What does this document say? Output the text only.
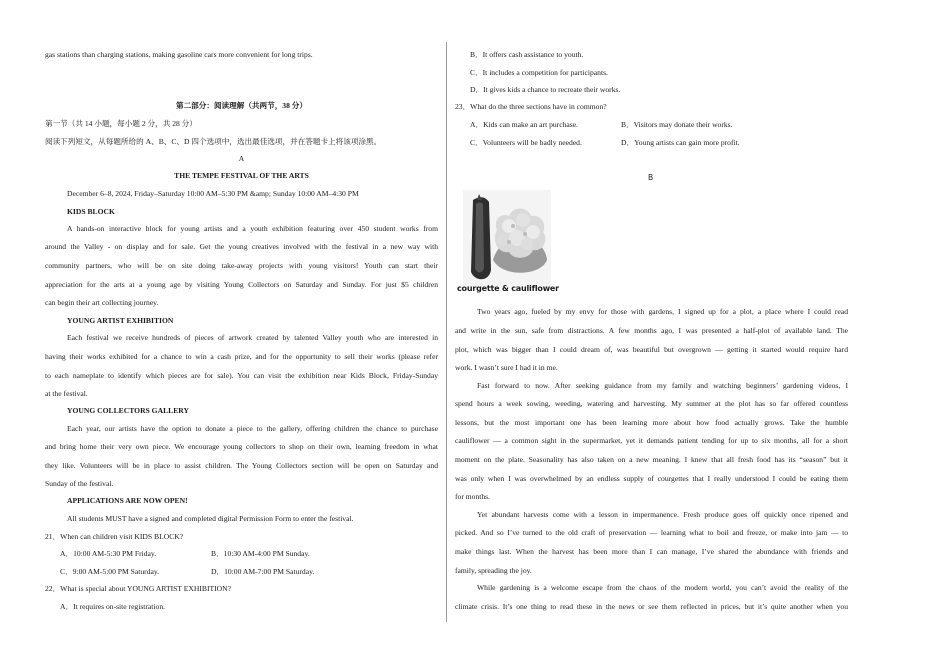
gas stations than charging stations, making gasoline cars more convenient for long trips.
第二部分：阅读理解（共两节，38 分）
第一节（共 14 小题，每小题 2 分，共 28 分）
阅读下列短文，从每题所给的 A、B、C、D 四个选项中，选出最佳选项，并在答题卡上将该项涂黑。
A
THE TEMPE FESTIVAL OF THE ARTS
December 6–8, 2024, Friday–Saturday 10:00 AM–5:30 PM &amp; Sunday 10:00 AM–4:30 PM
KIDS BLOCK
A hands-on interactive block for young artists and a youth exhibition featuring over 450 student works from
around the Valley - on display and for sale. Get the young creatives involved with the festival in a new way with
community partners, who will be on site doing take-away projects with young visitors! Youth can start their
appreciation for the arts at a young age by visiting Young Collectors on Saturday and Sunday. For just $5 children
can begin their art collecting journey.
YOUNG ARTIST EXHIBITION
Each festival we receive hundreds of pieces of artwork created by talented Valley youth who are interested in
having their works exhibited for a chance to win a cash prize, and for the opportunity to sell their works (please refer
to each nameplate to identify which pieces are for sale). You can visit the exhibition near Kids Block, Friday-Sunday
at the festival.
YOUNG COLLECTORS GALLERY
Each year, our artists have the option to donate a piece to the gallery, offering children the chance to purchase
and bring home their very own piece. We encourage young collectors to shop on their own, learning freedom in what
they like. Volunteers will be in place to assist children. The Young Collectors section will be open on Saturday and
Sunday of the festival.
APPLICATIONS ARE NOW OPEN!
All students MUST have a signed and completed digital Permission Form to enter the festival.
21．When can children visit KIDS BLOCK?
A．10:00 AM-5:30 PM Friday.	B．10:30 AM-4:00 PM Sunday.
C．9:00 AM-5:00 PM Saturday.	D．10:00 AM-7:00 PM Saturday.
22．What is special about YOUNG ARTIST EXHIBITION?
A．It requires on-site registration.
B．It offers cash assistance to youth.
C．It includes a competition for participants.
D．It gives kids a chance to recreate their works.
23．What do the three sections have in common?
A．Kids can make an art purchase.	B．Visitors may donate their works.
C．Volunteers will be badly needed.	D．Young artists can gain more profit.
B
Two years ago, fueled by my envy for those with gardens, I signed up for a plot, a place where I could read
and write in the sun, safe from distractions. A few months ago, I was presented a half-plot of available land. The
plot, which was bigger than I could dream of, was beautiful but overgrown — getting it started would require hard
work. I wasn’t sure I had it in me.
Fast forward to now. After seeking guidance from my family and watching beginners’ gardening videos, I
spend hours a week sowing, weeding, watering and harvesting. My summer at the plot has so far offered countless
lessons, but the most important one has been learning more about how food actually grows. Take the humble
cauliflower — a common sight in the supermarket, yet it demands patient tending for up to six months, all for a short
moment on the plate. Seasonality has also taken on a new meaning. I knew that all fresh food has its “season” but it
was only when I was overwhelmed by an endless supply of courgettes that I really understood I could be eating them
for months.
Yet abundant harvests come with a lesson in impermanence. Fresh produce goes off quickly once ripened and
picked. And so I’ve turned to the old craft of preservation — learning what to boil and freeze, or make into jam — to
make things last. When the harvest has been more than I can manage, I’ve shared the abundance with friends and
family, spreading the joy.
While gardening is a welcome escape from the chaos of the modern world, you can’t avoid the reality of the
climate crisis. It’s one thing to read these in the news or see them reflected in prices, but it’s quite another when you
courgette & cauliflower
